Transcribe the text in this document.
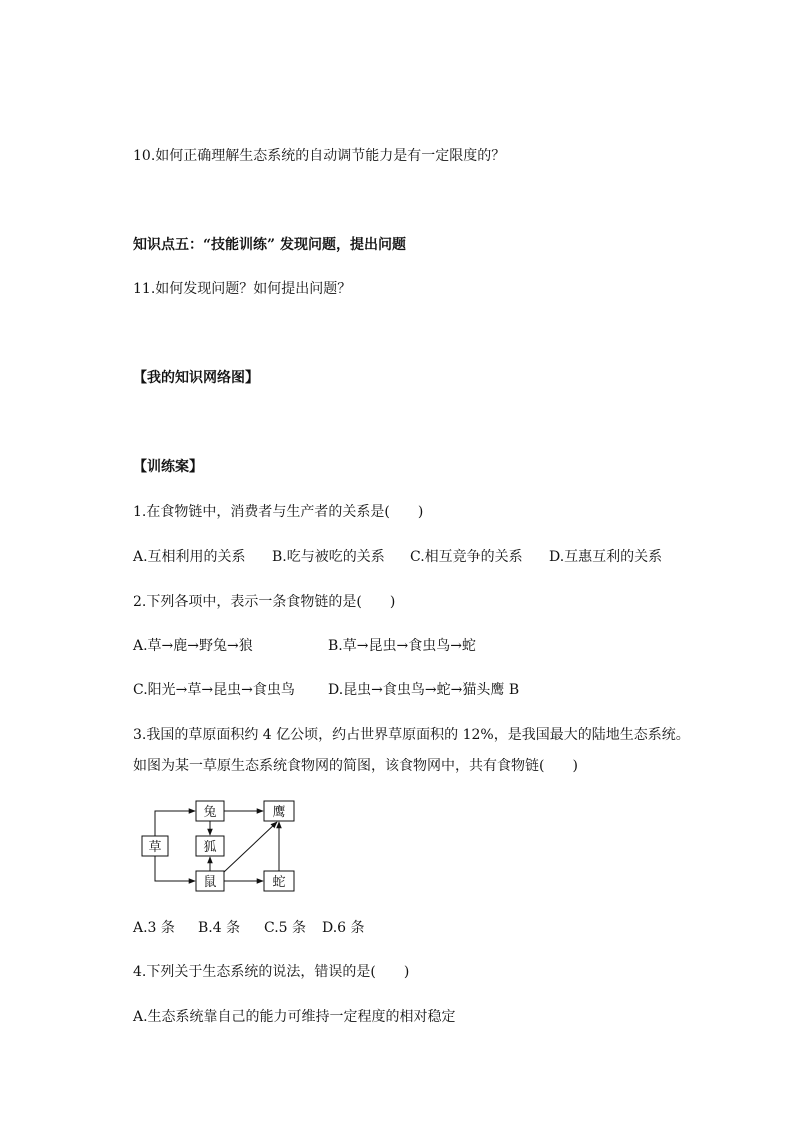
10.如何正确理解生态系统的自动调节能力是有一定限度的？
知识点五：“技能训练” 发现问题，提出问题
11.如何发现问题？如何提出问题？
【我的知识网络图】
【训练案】
1.在食物链中，消费者与生产者的关系是(　　)
A.互相利用的关系 B.吃与被吃的关系 C.相互竞争的关系 D.互惠互利的关系
2.下列各项中，表示一条食物链的是(　　)
A.草→鹿→野兔→狼	B.草→昆虫→食虫鸟→蛇
C.阳光→草→昆虫→食虫鸟 D.昆虫→食虫鸟→蛇→猫头鹰 B
3.我国的草原面积约 4 亿公顷，约占世界草原面积的 12%，是我国最大的陆地生态系统。
如图为某一草原生态系统食物网的简图，该食物网中，共有食物链(　　)
草
兔
狐
鼠
鹰
蛇
A.3 条 B.4 条 C.5 条 D.6 条
4.下列关于生态系统的说法，错误的是(　　)
A.生态系统靠自己的能力可维持一定程度的相对稳定
